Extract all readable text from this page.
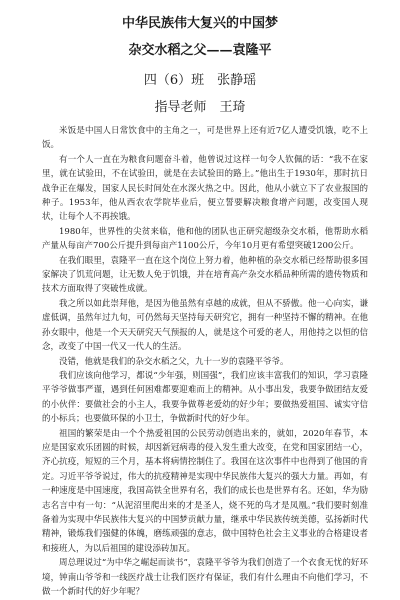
中华民族伟大复兴的中国梦
杂交水稻之父——袁隆平
四（6）班　张静瑶
指导老师　王琦

米饭是中国人日常饮食中的主角之一，可是世界上还有近7亿人遭受饥饿，吃不上饭。

有一个人一直在为粮食问题奋斗着，他曾说过这样一句令人钦佩的话：“我不在家里，就在试验田，不在试验田，就是在去试验田的路上。”他出生于1930年，那时抗日战争正在爆发，国家人民长时间处在水深火热之中。因此，他从小就立下了农业报国的种子。1953年，他从西农农学院毕业后，便立誓要解决粮食增产问题，改变国人现状，让每个人不再挨饿。

1980年，世界性的尖贫来临，他和他的团队也正研究超级杂交水稻，他帮助水稻产量从每亩产700公斤提升到每亩产1100公斤，今年10月更有希望突破1200公斤。

在我们眼里，袁隆平一直在这个岗位上努力着，他种植的杂交水稻已经帮助很多国家解决了饥荒问题，让无数人免于饥饿，并在培育高产杂交水稻品种所需的遗传物质和技术方面取得了突破性成就。

我之所以如此崇拜他，是因为他虽然有卓越的成就，但从不骄傲。他一心向实，谦虚低调，虽然年过九旬，可仍然每天坚持每天研究它，拥有一种坚持不懈的精神。在他孙女眼中，他是一个天天研究天气预报的人，就是这个可爱的老人，用他持之以恒的信念，改变了中国一代又一代人的生活。

没错，他就是我们的杂交水稻之父，九十一岁的袁隆平爷爷。

我们应该向他学习，都说“少年强，则国强”，我们应该丰富我们的知识，学习袁隆平爷爷做事严谨，遇到任何困难都要迎难而上的精神。从小事出发，我要争做团结友爱的小伙伴：要做社会的小主人，我要争做尊老爱幼的好少年；要做热爱祖国、诚实守信的小标兵；也要做环保的小卫士，争做新时代的好少年。

祖国的繁荣是由一个个热爱祖国的公民劳动创造出来的，就如，2020年春节，本应是国家欢乐团圆的时候，却因新冠病毒的侵入发生重大改变，在党和国家团结一心，齐心抗疫，短短的三个月，基本将病情控制住了。我国在这次事件中也得到了他国的肯定。习近平爷爷说过，伟大的抗疫精神是实现中华民族伟大复兴的强大力量。再如，有一种速度是中国速度，我国高铁全世界有名，我们的成长也是世界有名。还如，华为励志名言中有一句：“从泥沼里爬出来的才是圣人，烧不死的鸟才是凤凰。”我们要时刻准备着为实现中华民族伟大复兴的中国梦贡献力量，继承中华民族传统美德，弘扬新时代精神，锻炼我们强健的体魄，磨练顽强的意志，做中国特色社会主义事业的合格建设者和接班人，为以后祖国的建设添砖加瓦。

周总理说过“为中华之崛起而读书”，袁隆平爷爷为我们创造了一个衣食无忧的好环境，钟南山爷爷和一线医疗战士让我们医疗有保证，我们有什么理由不向他们学习，不做一个新时代的好少年呢？
